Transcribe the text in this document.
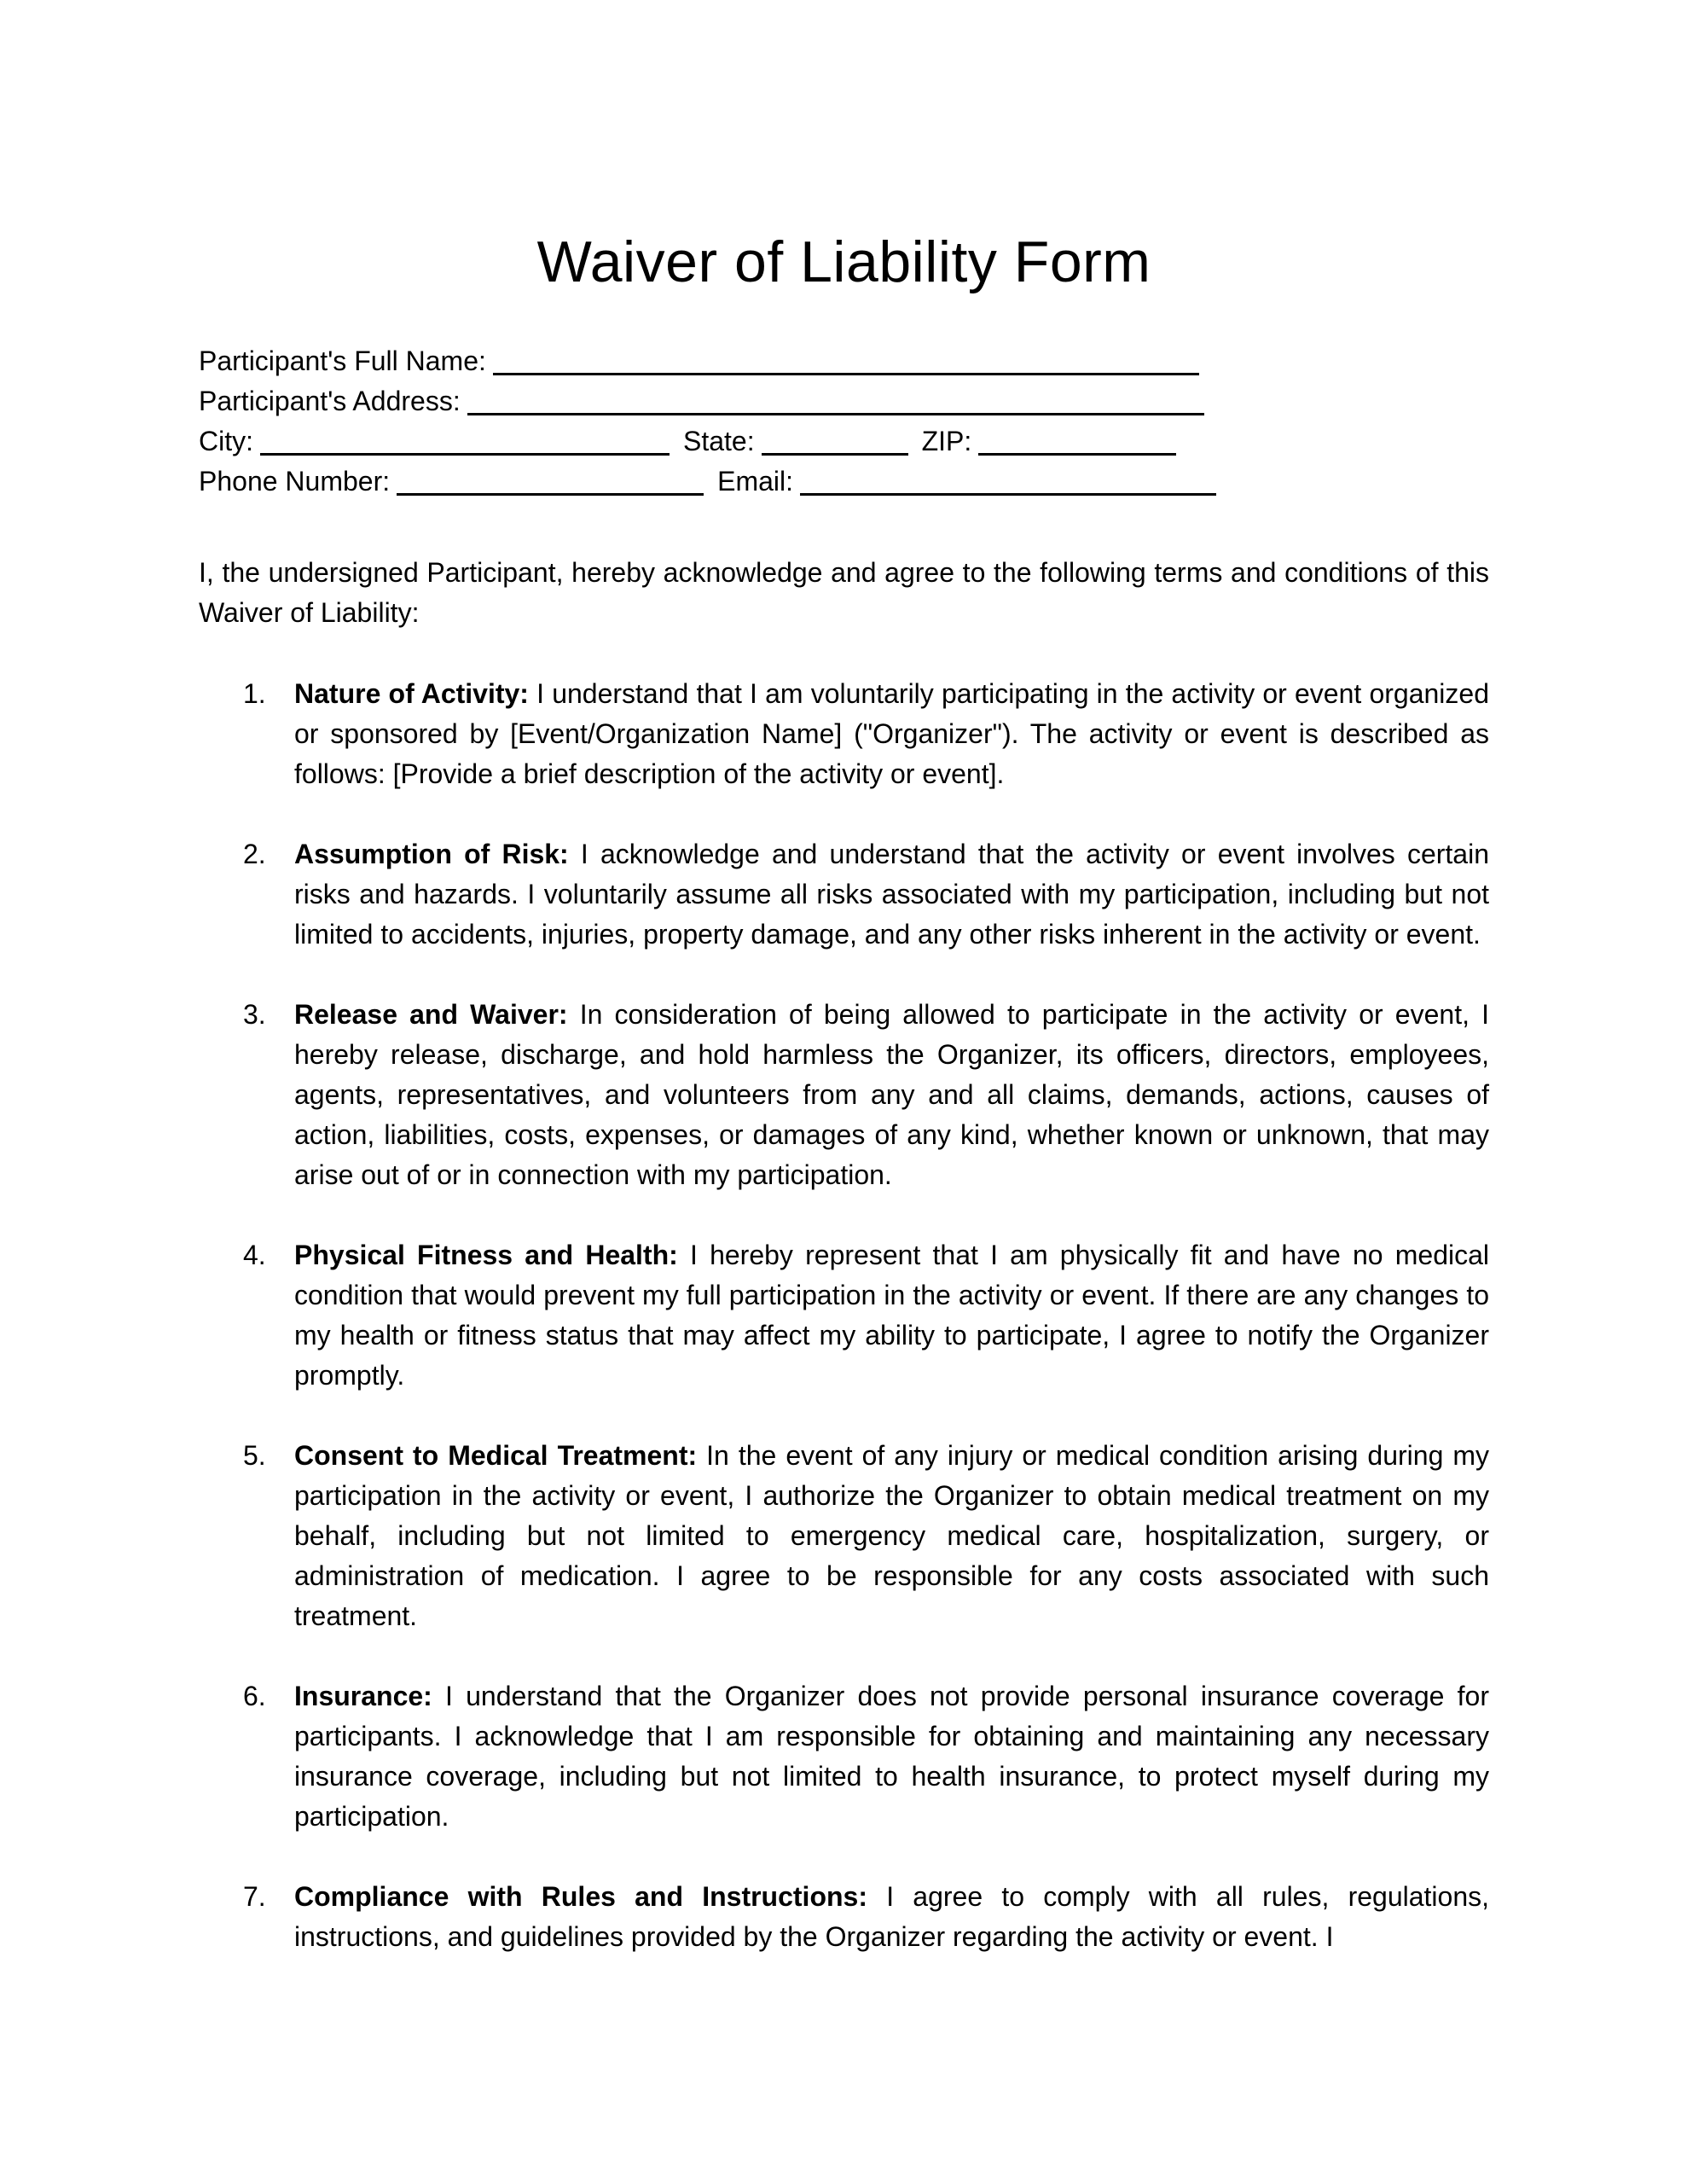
Waiver of Liability Form
Participant's Full Name:
Participant's Address:
City:	State:	ZIP:
Phone Number:	Email:

I, the undersigned Participant, hereby acknowledge and agree to the following terms and conditions of this Waiver of Liability:

1. Nature of Activity: I understand that I am voluntarily participating in the activity or event organized or sponsored by [Event/Organization Name] ("Organizer"). The activity or event is described as follows: [Provide a brief description of the activity or event].
2. Assumption of Risk: I acknowledge and understand that the activity or event involves certain risks and hazards. I voluntarily assume all risks associated with my participation, including but not limited to accidents, injuries, property damage, and any other risks inherent in the activity or event.
3. Release and Waiver: In consideration of being allowed to participate in the activity or event, I hereby release, discharge, and hold harmless the Organizer, its officers, directors, employees, agents, representatives, and volunteers from any and all claims, demands, actions, causes of action, liabilities, costs, expenses, or damages of any kind, whether known or unknown, that may arise out of or in connection with my participation.
4. Physical Fitness and Health: I hereby represent that I am physically fit and have no medical condition that would prevent my full participation in the activity or event. If there are any changes to my health or fitness status that may affect my ability to participate, I agree to notify the Organizer promptly.
5. Consent to Medical Treatment: In the event of any injury or medical condition arising during my participation in the activity or event, I authorize the Organizer to obtain medical treatment on my behalf, including but not limited to emergency medical care, hospitalization, surgery, or administration of medication. I agree to be responsible for any costs associated with such treatment.
6. Insurance: I understand that the Organizer does not provide personal insurance coverage for participants. I acknowledge that I am responsible for obtaining and maintaining any necessary insurance coverage, including but not limited to health insurance, to protect myself during my participation.
7. Compliance with Rules and Instructions: I agree to comply with all rules, regulations, instructions, and guidelines provided by the Organizer regarding the activity or event. I
